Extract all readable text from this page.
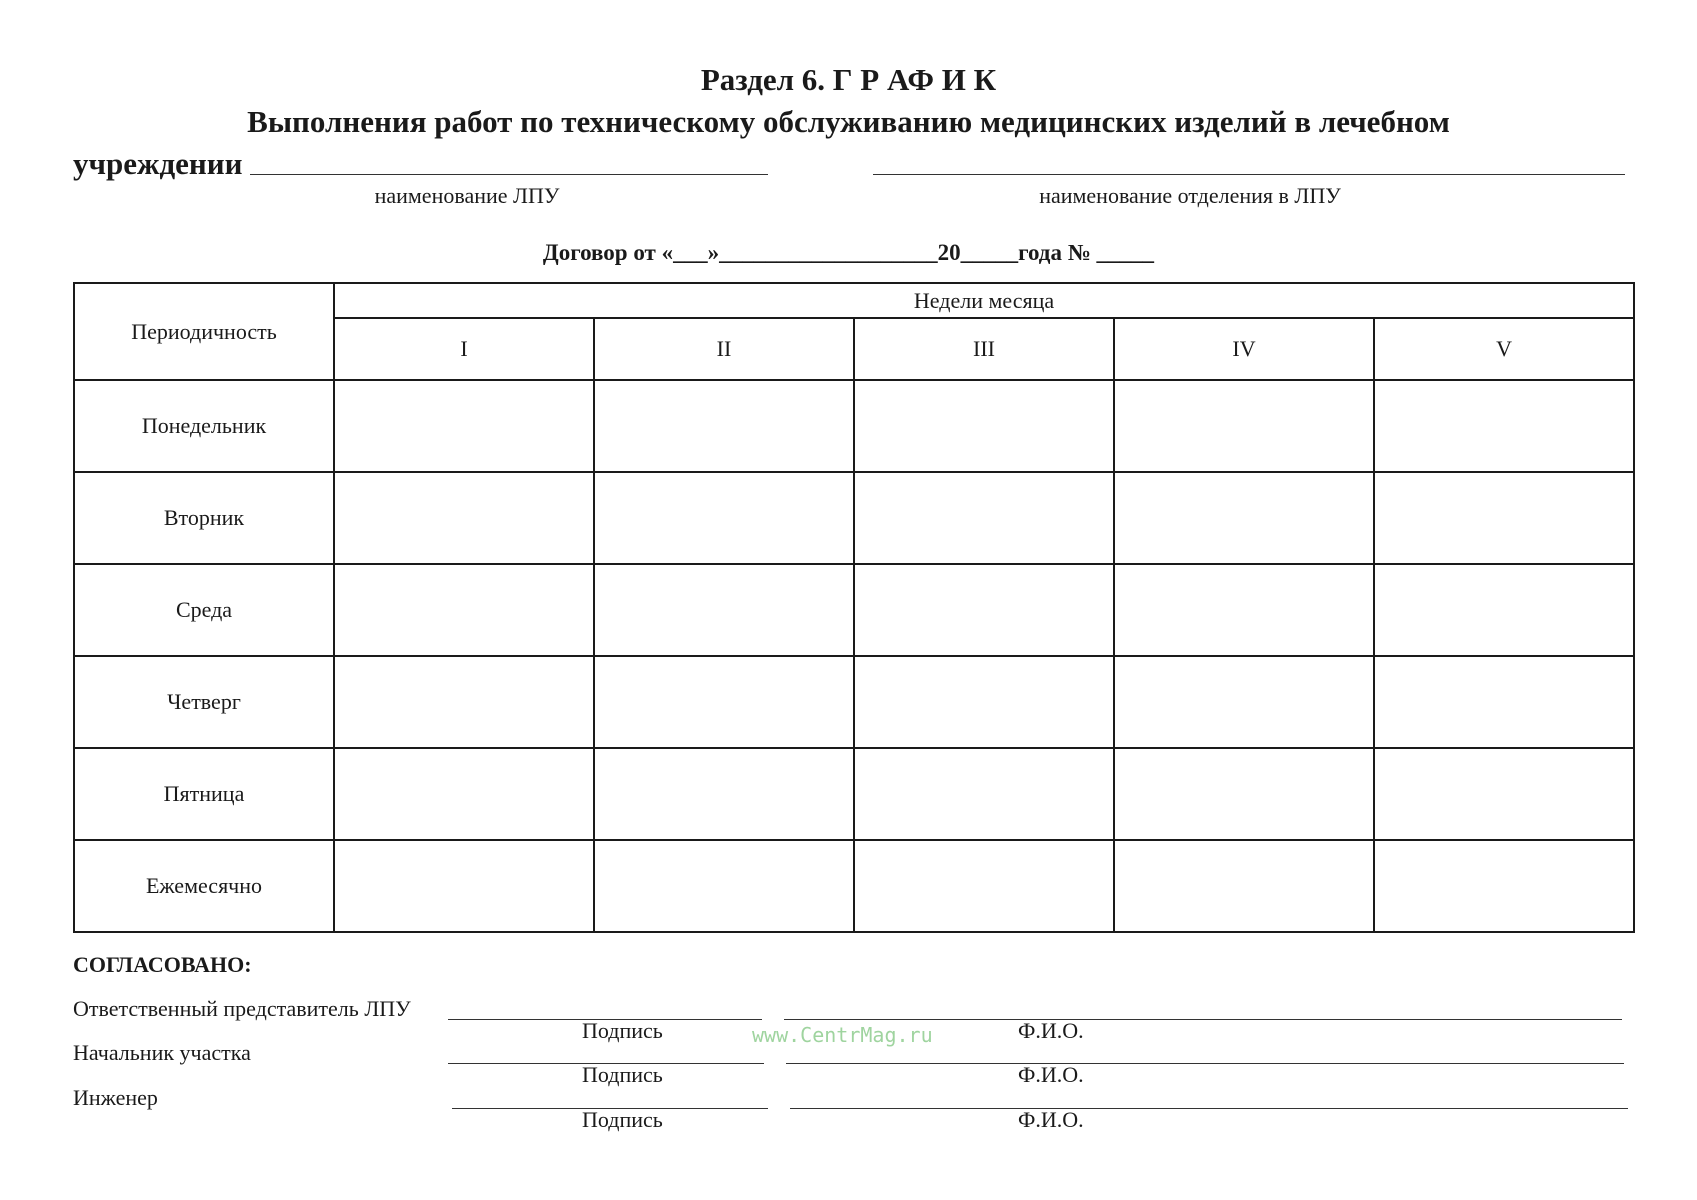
Раздел 6. Г Р АФ И К
Выполнения работ по техническому обслуживанию медицинских изделий в лечебном
учреждении
наименование ЛПУ	наименование отделения в ЛПУ
Договор от «___»___________________20_____года № _____
Периодичность	Недели месяца				
	I	II	III	IV	V
Понедельник					
Вторник					
Среда					
Четверг					
Пятница					
Ежемесячно					
СОГЛАСОВАНО:
Ответственный представитель ЛПУ
Подпись	Ф.И.О.
Начальник участка
Подпись	Ф.И.О.
Инженер
Подпись	Ф.И.О.
www.CentrMag.ru
